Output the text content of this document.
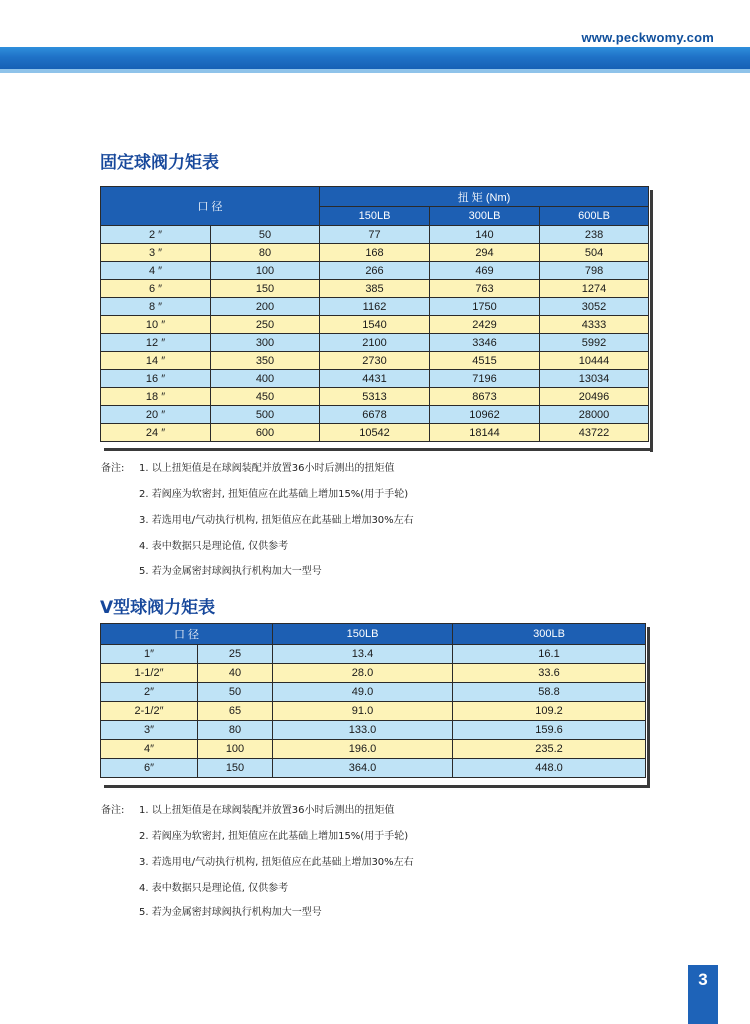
www.peckwomy.com
固定球阀力矩表
口 径		扭 矩 (Nm)		
		150LB	300LB	600LB
2 ″	50	77	140	238
3 ″	80	168	294	504
4 ″	100	266	469	798
6 ″	150	385	763	1274
8 ″	200	1162	1750	3052
10 ″	250	1540	2429	4333
12 ″	300	2100	3346	5992
14 ″	350	2730	4515	10444
16 ″	400	4431	7196	13034
18 ″	450	5313	8673	20496
20 ″	500	6678	10962	28000
24 ″	600	10542	18144	43722
备注: 1. 以上扭矩值是在球阀装配并放置36小时后测出的扭矩值
2. 若阀座为软密封, 扭矩值应在此基础上增加15%(用于手轮)
3. 若选用电/气动执行机构, 扭矩值应在此基础上增加30%左右
4. 表中数据只是理论值, 仅供参考
5. 若为金属密封球阀执行机构加大一型号
V型球阀力矩表
口 径		150LB	300LB
1″	25	13.4	16.1
1-1/2″	40	28.0	33.6
2″	50	49.0	58.8
2-1/2″	65	91.0	109.2
3″	80	133.0	159.6
4″	100	196.0	235.2
6″	150	364.0	448.0
备注: 1. 以上扭矩值是在球阀装配并放置36小时后测出的扭矩值
2. 若阀座为软密封, 扭矩值应在此基础上增加15%(用于手轮)
3. 若选用电/气动执行机构, 扭矩值应在此基础上增加30%左右
4. 表中数据只是理论值, 仅供参考
5. 若为金属密封球阀执行机构加大一型号
3
